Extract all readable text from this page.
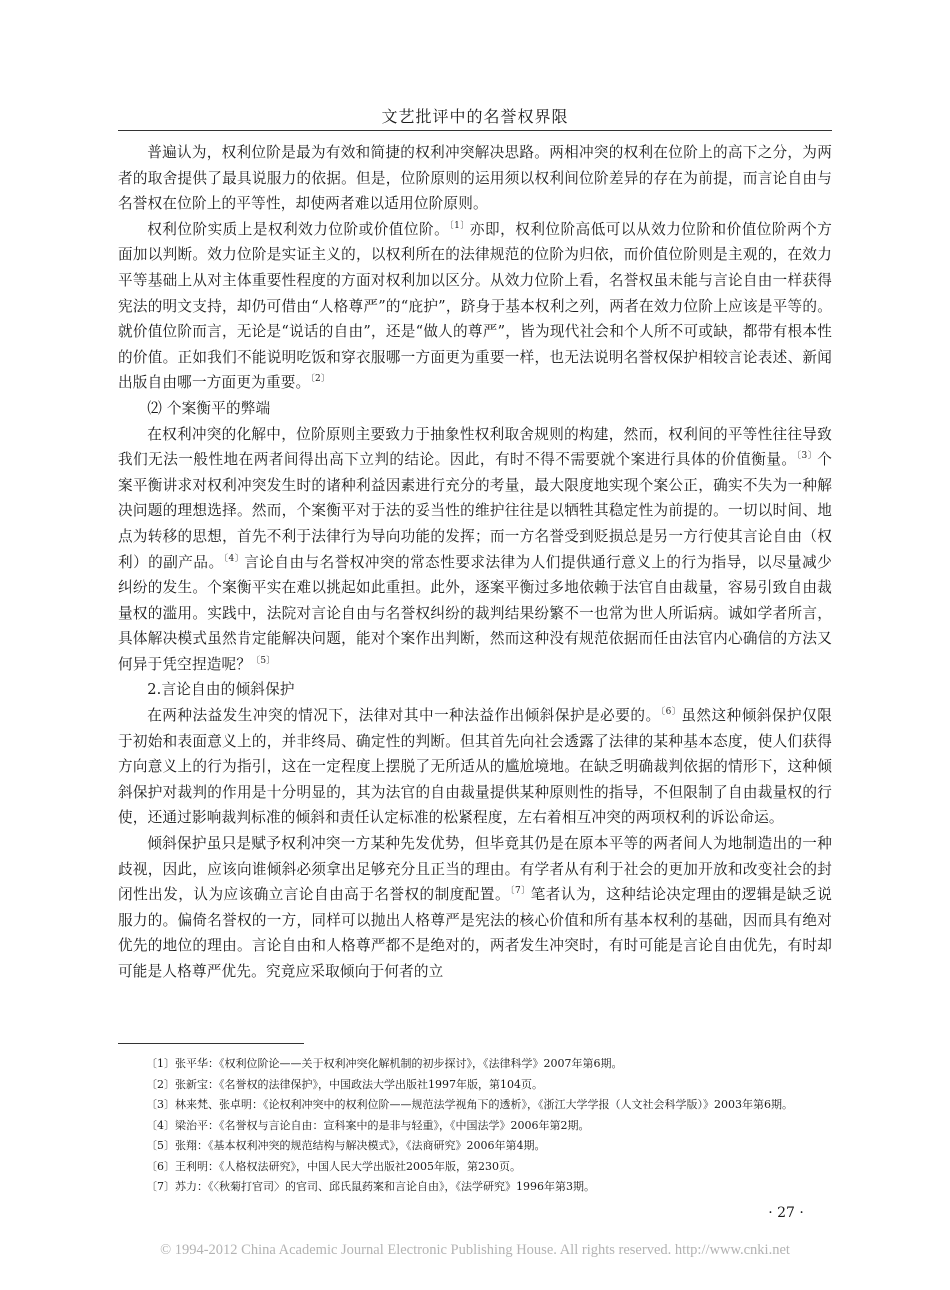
文艺批评中的名誉权界限

普遍认为，权利位阶是最为有效和简捷的权利冲突解决思路。两相冲突的权利在位阶上的高下之分，为两者的取舍提供了最具说服力的依据。但是，位阶原则的运用须以权利间位阶差异的存在为前提，而言论自由与名誉权在位阶上的平等性，却使两者难以适用位阶原则。

权利位阶实质上是权利效力位阶或价值位阶。$^{〔1〕}$亦即，权利位阶高低可以从效力位阶和价值位阶两个方面加以判断。效力位阶是实证主义的，以权利所在的法律规范的位阶为归依，而价值位阶则是主观的，在效力平等基础上从对主体重要性程度的方面对权利加以区分。从效力位阶上看，名誉权虽未能与言论自由一样获得宪法的明文支持，却仍可借由“人格尊严”的“庇护”，跻身于基本权利之列，两者在效力位阶上应该是平等的。就价值位阶而言，无论是“说话的自由”，还是“做人的尊严”，皆为现代社会和个人所不可或缺，都带有根本性的价值。正如我们不能说明吃饭和穿衣服哪一方面更为重要一样，也无法说明名誉权保护相较言论表述、新闻出版自由哪一方面更为重要。$^{〔2〕}$

⑵ 个案衡平的弊端

在权利冲突的化解中，位阶原则主要致力于抽象性权利取舍规则的构建，然而，权利间的平等性往往导致我们无法一般性地在两者间得出高下立判的结论。因此，有时不得不需要就个案进行具体的价值衡量。$^{〔3〕}$个案平衡讲求对权利冲突发生时的诸种利益因素进行充分的考量，最大限度地实现个案公正，确实不失为一种解决问题的理想选择。然而，个案衡平对于法的妥当性的维护往往是以牺牲其稳定性为前提的。一切以时间、地点为转移的思想，首先不利于法律行为导向功能的发挥；而一方名誉受到贬损总是另一方行使其言论自由（权利）的副产品。$^{〔4〕}$言论自由与名誉权冲突的常态性要求法律为人们提供通行意义上的行为指导，以尽量减少纠纷的发生。个案衡平实在难以挑起如此重担。此外，逐案平衡过多地依赖于法官自由裁量，容易引致自由裁量权的滥用。实践中，法院对言论自由与名誉权纠纷的裁判结果纷繁不一也常为世人所诟病。诚如学者所言，具体解决模式虽然肯定能解决问题，能对个案作出判断，然而这种没有规范依据而任由法官内心确信的方法又何异于凭空捏造呢？$^{〔5〕}$

2.言论自由的倾斜保护

在两种法益发生冲突的情况下，法律对其中一种法益作出倾斜保护是必要的。$^{〔6〕}$虽然这种倾斜保护仅限于初始和表面意义上的，并非终局、确定性的判断。但其首先向社会透露了法律的某种基本态度，使人们获得方向意义上的行为指引，这在一定程度上摆脱了无所适从的尴尬境地。在缺乏明确裁判依据的情形下，这种倾斜保护对裁判的作用是十分明显的，其为法官的自由裁量提供某种原则性的指导，不但限制了自由裁量权的行使，还通过影响裁判标准的倾斜和责任认定标准的松紧程度，左右着相互冲突的两项权利的诉讼命运。

倾斜保护虽只是赋予权利冲突一方某种先发优势，但毕竟其仍是在原本平等的两者间人为地制造出的一种歧视，因此，应该向谁倾斜必须拿出足够充分且正当的理由。有学者从有利于社会的更加开放和改变社会的封闭性出发，认为应该确立言论自由高于名誉权的制度配置。$^{〔7〕}$笔者认为，这种结论决定理由的逻辑是缺乏说服力的。偏倚名誉权的一方，同样可以抛出人格尊严是宪法的核心价值和所有基本权利的基础，因而具有绝对优先的地位的理由。言论自由和人格尊严都不是绝对的，两者发生冲突时，有时可能是言论自由优先，有时却可能是人格尊严优先。究竟应采取倾向于何者的立

〔1〕张平华：《权利位阶论——关于权利冲突化解机制的初步探讨》，《法律科学》2007年第6期。
〔2〕张新宝：《名誉权的法律保护》，中国政法大学出版社1997年版，第104页。
〔3〕林来梵、张卓明：《论权利冲突中的权利位阶——规范法学视角下的透析》，《浙江大学学报（人文社会科学版）》2003年第6期。
〔4〕梁治平：《名誉权与言论自由：宣科案中的是非与轻重》，《中国法学》2006年第2期。
〔5〕张翔：《基本权利冲突的规范结构与解决模式》，《法商研究》2006年第4期。
〔6〕王利明：《人格权法研究》，中国人民大学出版社2005年版，第230页。
〔7〕苏力：《〈秋菊打官司〉的官司、邱氏鼠药案和言论自由》，《法学研究》1996年第3期。
· 27 ·
© 1994-2012 China Academic Journal Electronic Publishing House. All rights reserved. http://www.cnki.net
